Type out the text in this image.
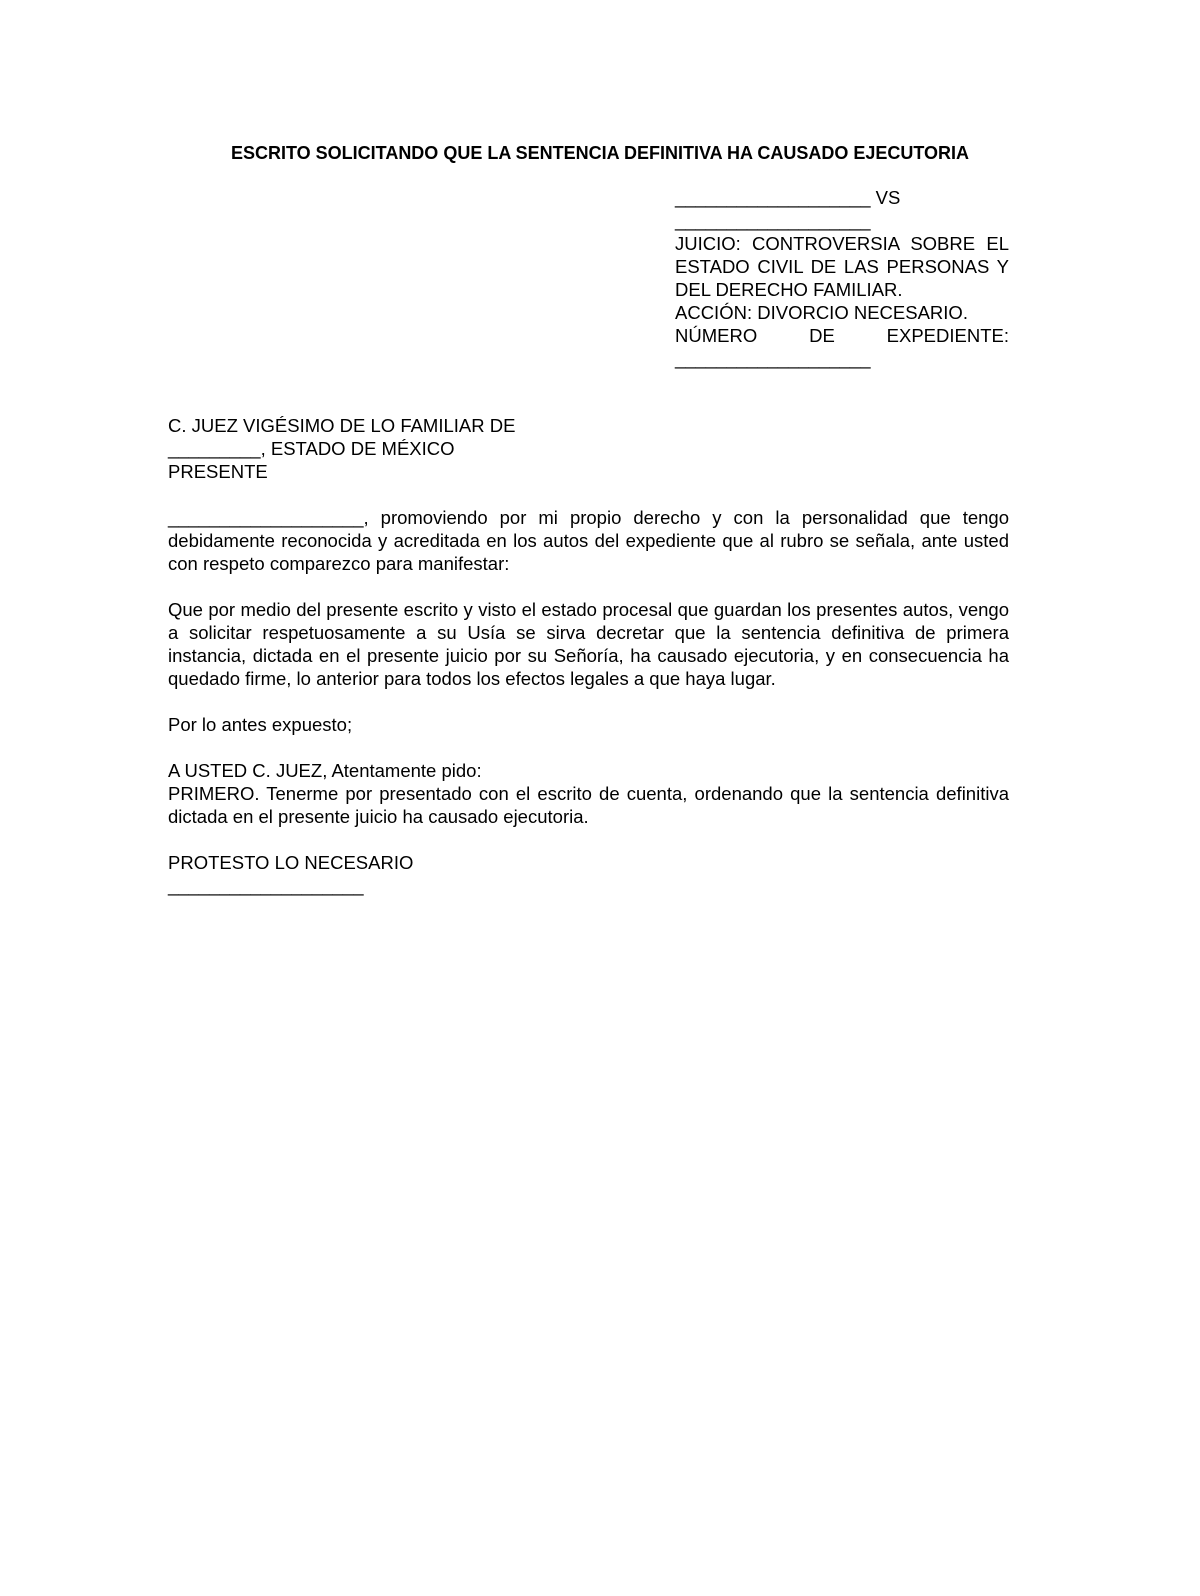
ESCRITO SOLICITANDO QUE LA SENTENCIA DEFINITIVA HA CAUSADO EJECUTORIA
___________________ VS
___________________
JUICIO: CONTROVERSIA SOBRE EL ESTADO CIVIL DE LAS PERSONAS Y DEL DERECHO FAMILIAR.
ACCIÓN: DIVORCIO NECESARIO.
NÚMERO DE EXPEDIENTE: ___________________
C. JUEZ VIGÉSIMO DE LO FAMILIAR DE
_________, ESTADO DE MÉXICO
PRESENTE
___________________, promoviendo por mi propio derecho y con la personalidad que tengo debidamente reconocida y acreditada en los autos del expediente que al rubro se señala, ante usted con respeto comparezco para manifestar:
Que por medio del presente escrito y visto el estado procesal que guardan los presentes autos, vengo a solicitar respetuosamente a su Usía se sirva decretar que la sentencia definitiva de primera instancia, dictada en el presente juicio por su Señoría, ha causado ejecutoria, y en consecuencia ha quedado firme, lo anterior para todos los efectos legales a que haya lugar.
Por lo antes expuesto;
A USTED C. JUEZ, Atentamente pido:
PRIMERO. Tenerme por presentado con el escrito de cuenta, ordenando que la sentencia definitiva dictada en el presente juicio ha causado ejecutoria.
PROTESTO LO NECESARIO
___________________
